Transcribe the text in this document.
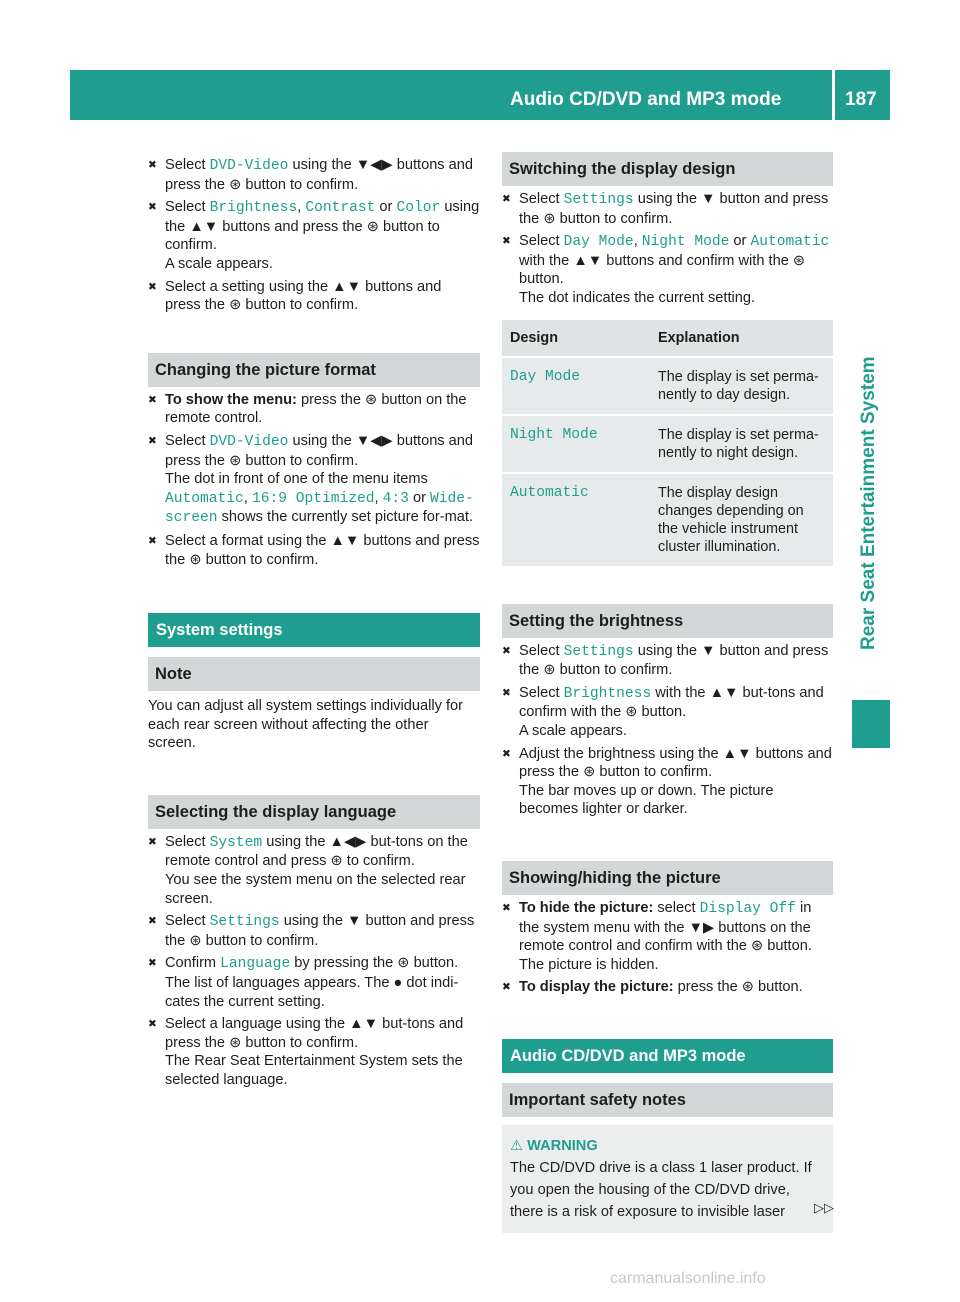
Audio CD/DVD and MP3 mode	187
Rear Seat Entertainment System
✖ Select DVD-Video using the ▼◀▶ buttons and press the ⊛ button to confirm.
✖ Select Brightness, Contrast or Color using the ▲▼ buttons and press the ⊛ button to confirm.
A scale appears.
✖ Select a setting using the ▲▼ buttons and press the ⊛ button to confirm.
Changing the picture format
✖ To show the menu: press the ⊛ button on the remote control.
✖ Select DVD-Video using the ▼◀▶ buttons and press the ⊛ button to confirm.
The dot in front of one of the menu items Automatic, 16:9 Optimized, 4:3 or Wide-screen shows the currently set picture for-mat.
✖ Select a format using the ▲▼ buttons and press the ⊛ button to confirm.
System settings
Note

You can adjust all system settings individually for each rear screen without affecting the other screen.

Selecting the display language
✖ Select System using the ▲◀▶ but-tons on the remote control and press ⊛ to confirm.
You see the system menu on the selected rear screen.
✖ Select Settings using the ▼ button and press the ⊛ button to confirm.
✖ Confirm Language by pressing the ⊛ button.
The list of languages appears. The ● dot indi-cates the current setting.
✖ Select a language using the ▲▼ but-tons and press the ⊛ button to confirm.
The Rear Seat Entertainment System sets the selected language.
Switching the display design
✖ Select Settings using the ▼ button and press the ⊛ button to confirm.
✖ Select Day Mode, Night Mode or Automatic with the ▲▼ buttons and confirm with the ⊛ button.
The dot indicates the current setting.
Design	Explanation
Day Mode	The display is set perma-nently to day design.
Night Mode	The display is set perma-nently to night design.
Automatic	The display design changes depending on the vehicle instrument cluster illumination.
Setting the brightness
✖ Select Settings using the ▼ button and press the ⊛ button to confirm.
✖ Select Brightness with the ▲▼ but-tons and confirm with the ⊛ button.
A scale appears.
✖ Adjust the brightness using the ▲▼ buttons and press the ⊛ button to confirm.
The bar moves up or down. The picture becomes lighter or darker.
Showing/hiding the picture
✖ To hide the picture: select Display Off in the system menu with the ▼▶ buttons on the remote control and confirm with the ⊛ button.
The picture is hidden.
✖ To display the picture: press the ⊛ button.
Audio CD/DVD and MP3 mode
Important safety notes
⚠ WARNING
The CD/DVD drive is a class 1 laser product. If you open the housing of the CD/DVD drive, there is a risk of exposure to invisible laser	▷▷
carmanualsonline.info
